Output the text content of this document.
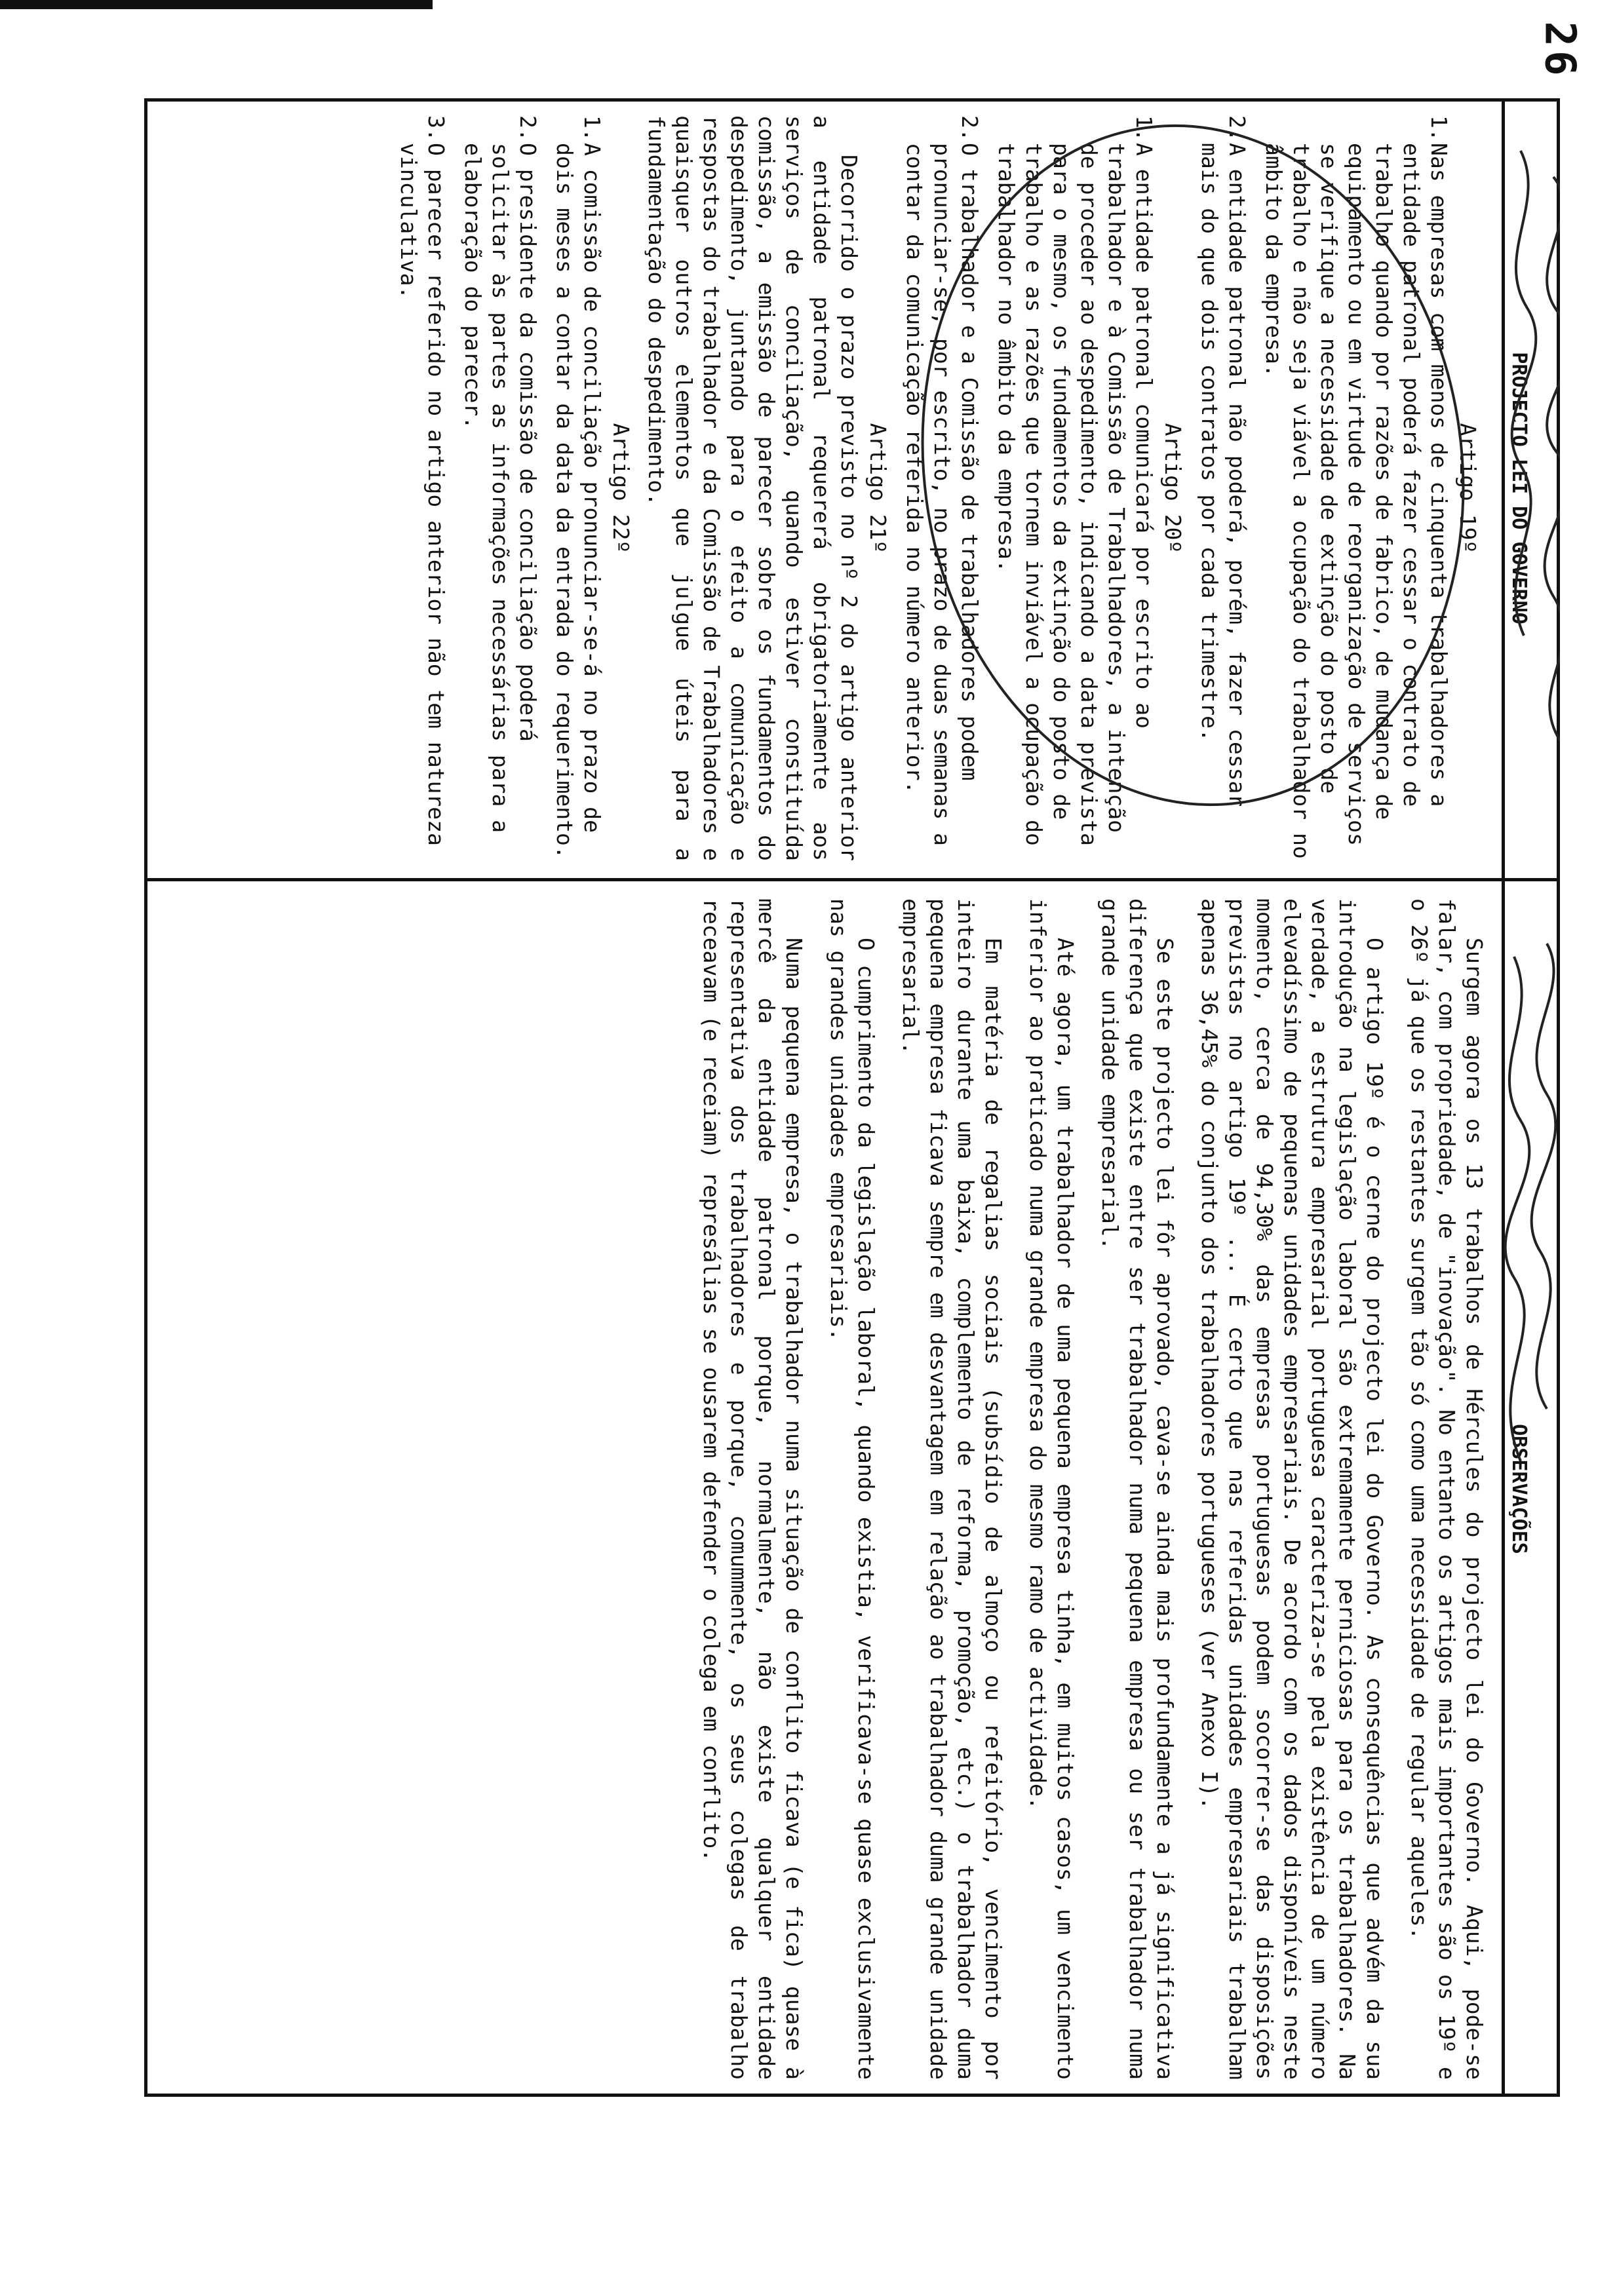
26
PROJECTO LEI DO GOVERNO
Artigo 19º
1.
Nas empresas com menos de cinquenta trabalhadores a entidade patronal poderá fazer cessar o contrato de trabalho quando por razões de fabrico, de mudança de equipamento ou em virtude de reorganização de serviços se verifique a necessidade de extinção do posto de trabalho e não seja viável a ocupação do trabalhador no âmbito da empresa.
2.
A entidade patronal não poderá, porém, fazer cessar mais do que dois contratos por cada trimestre.
Artigo 20º
1.
A entidade patronal comunicará por escrito ao trabalhador e à Comissão de Trabalhadores, a intenção de proceder ao despedimento, indicando a data prevista para o mesmo, os fundamentos da extinção do posto de trabalho e as razões que tornem inviável a ocupação do trabalhador no âmbito da empresa.
2.
O trabalhador e a Comissão de trabalhadores podem pronunciar-se, por escrito, no prazo de duas semanas a contar da comunicação referida no número anterior.
Artigo 21º
Decorrido o prazo previsto no nº 2 do artigo anterior a entidade patronal requererá obrigatoriamente aos serviços de conciliação, quando estiver constituída comissão, a emissão de parecer sobre os fundamentos do despedimento, juntando para o efeito a comunicação e respostas do trabalhador e da Comissão de Trabalhadores e quaisquer outros elementos que julgue úteis para a fundamentação do despedimento.
Artigo 22º
1.
A comissão de conciliação pronunciar-se-á no prazo de dois meses a contar da data da entrada do requerimento.
2.
O presidente da comissão de conciliação poderá solicitar às partes as informações necessárias para a elaboração do parecer.
3.
O parecer referido no artigo anterior não tem natureza vinculativa.
OBSERVAÇÕES
Surgem agora os 13 trabalhos de Hércules do projecto lei do Governo. Aqui, pode-se falar, com propriedade, de "inovação". No entanto os artigos mais importantes são os 19º e o 26º já que os restantes surgem tão só como uma necessidade de regular aqueles.
O artigo 19º é o cerne do projecto lei do Governo. As consequências que advém da sua introdução na legislação laboral são extremamente perniciosas para os trabalhadores. Na verdade, a estrutura empresarial portuguesa caracteriza-se pela existência de um número elevadíssimo de pequenas unidades empresariais. De acordo com os dados disponíveis neste momento, cerca de 94,30% das empresas portuguesas podem socorrer-se das disposições previstas no artigo 19º ... É certo que nas referidas unidades empresariais trabalham apenas 36,45% do conjunto dos trabalhadores portugueses (ver Anexo I).
Se este projecto lei fôr aprovado, cava-se ainda mais profundamente a já significativa diferença que existe entre ser trabalhador numa pequena empresa ou ser trabalhador numa grande unidade empresarial.
Até agora, um trabalhador de uma pequena empresa tinha, em muitos casos, um vencimento inferior ao praticado numa grande empresa do mesmo ramo de actividade.
Em matéria de regalias sociais (subsídio de almoço ou refeitório, vencimento por inteiro durante uma baixa, complemento de reforma, promoção, etc.) o trabalhador duma pequena empresa ficava sempre em desvantagem em relação ao trabalhador duma grande unidade empresarial.
O cumprimento da legislação laboral, quando existia, verificava-se quase exclusivamente nas grandes unidades empresariais.
Numa pequena empresa, o trabalhador numa situação de conflito ficava (e fica) quase à mercê da entidade patronal porque, normalmente, não existe qualquer entidade representativa dos trabalhadores e porque, comummente, os seus colegas de trabalho receavam (e receiam) represálias se ousarem defender o colega em conflito.
